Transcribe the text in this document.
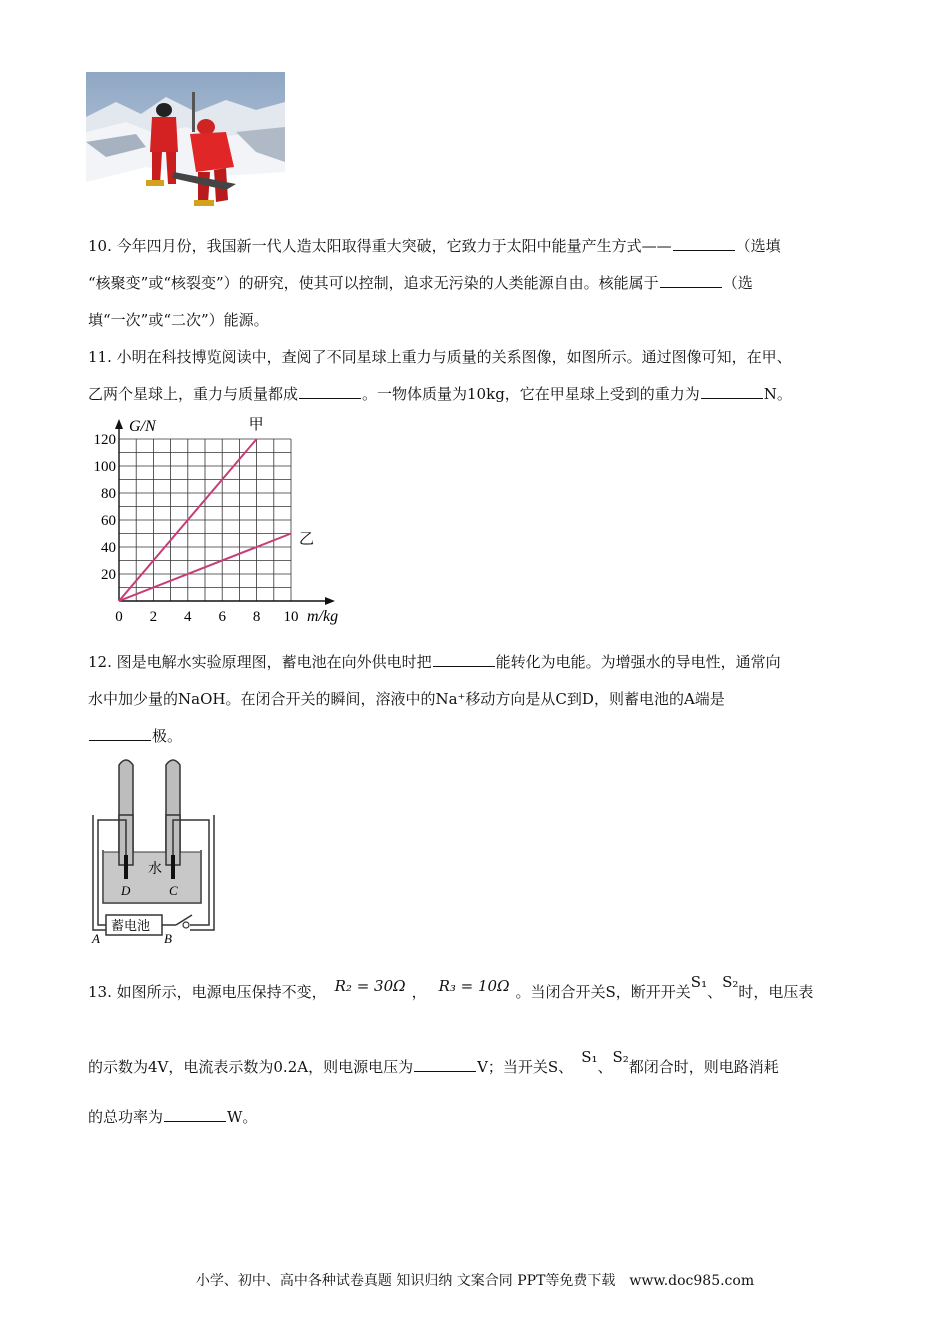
10. 今年四月份，我国新一代人造太阳取得重大突破，它致力于太阳中能量产生方式——	（选填
“核聚变”或“核裂变”）的研究，使其可以控制，追求无污染的人类能源自由。核能属于	（选
填“一次”或“二次”）能源。
11. 小明在科技博览阅读中，查阅了不同星球上重力与质量的关系图像，如图所示。通过图像可知，在甲、
乙两个星球上，重力与质量都成	。一物体质量为10kg，它在甲星球上受到的重力为	N。
0 2 4 6 8 10
20
40
60
80
100
120
G/N
m/kg
甲
乙
12. 图是电解水实验原理图，蓄电池在向外供电时把	能转化为电能。为增强水的导电性，通常向
水中加少量的NaOH。在闭合开关的瞬间，溶液中的Na⁺移动方向是从C到D，则蓄电池的A端是
极。
水
D	C
蓄电池
A	B
13. 如图所示，电源电压保持不变， R₂ = 30Ω ， R₃ = 10Ω 。当闭合开关S，断开开关S₁、S₂时，电压表
的示数为4V，电流表示数为0.2A，则电源电压为	V；当开关S、S₁、S₂都闭合时，则电路消耗
的总功率为	W。
小学、初中、高中各种试卷真题 知识归纳 文案合同 PPT等免费下载　www.doc985.com
